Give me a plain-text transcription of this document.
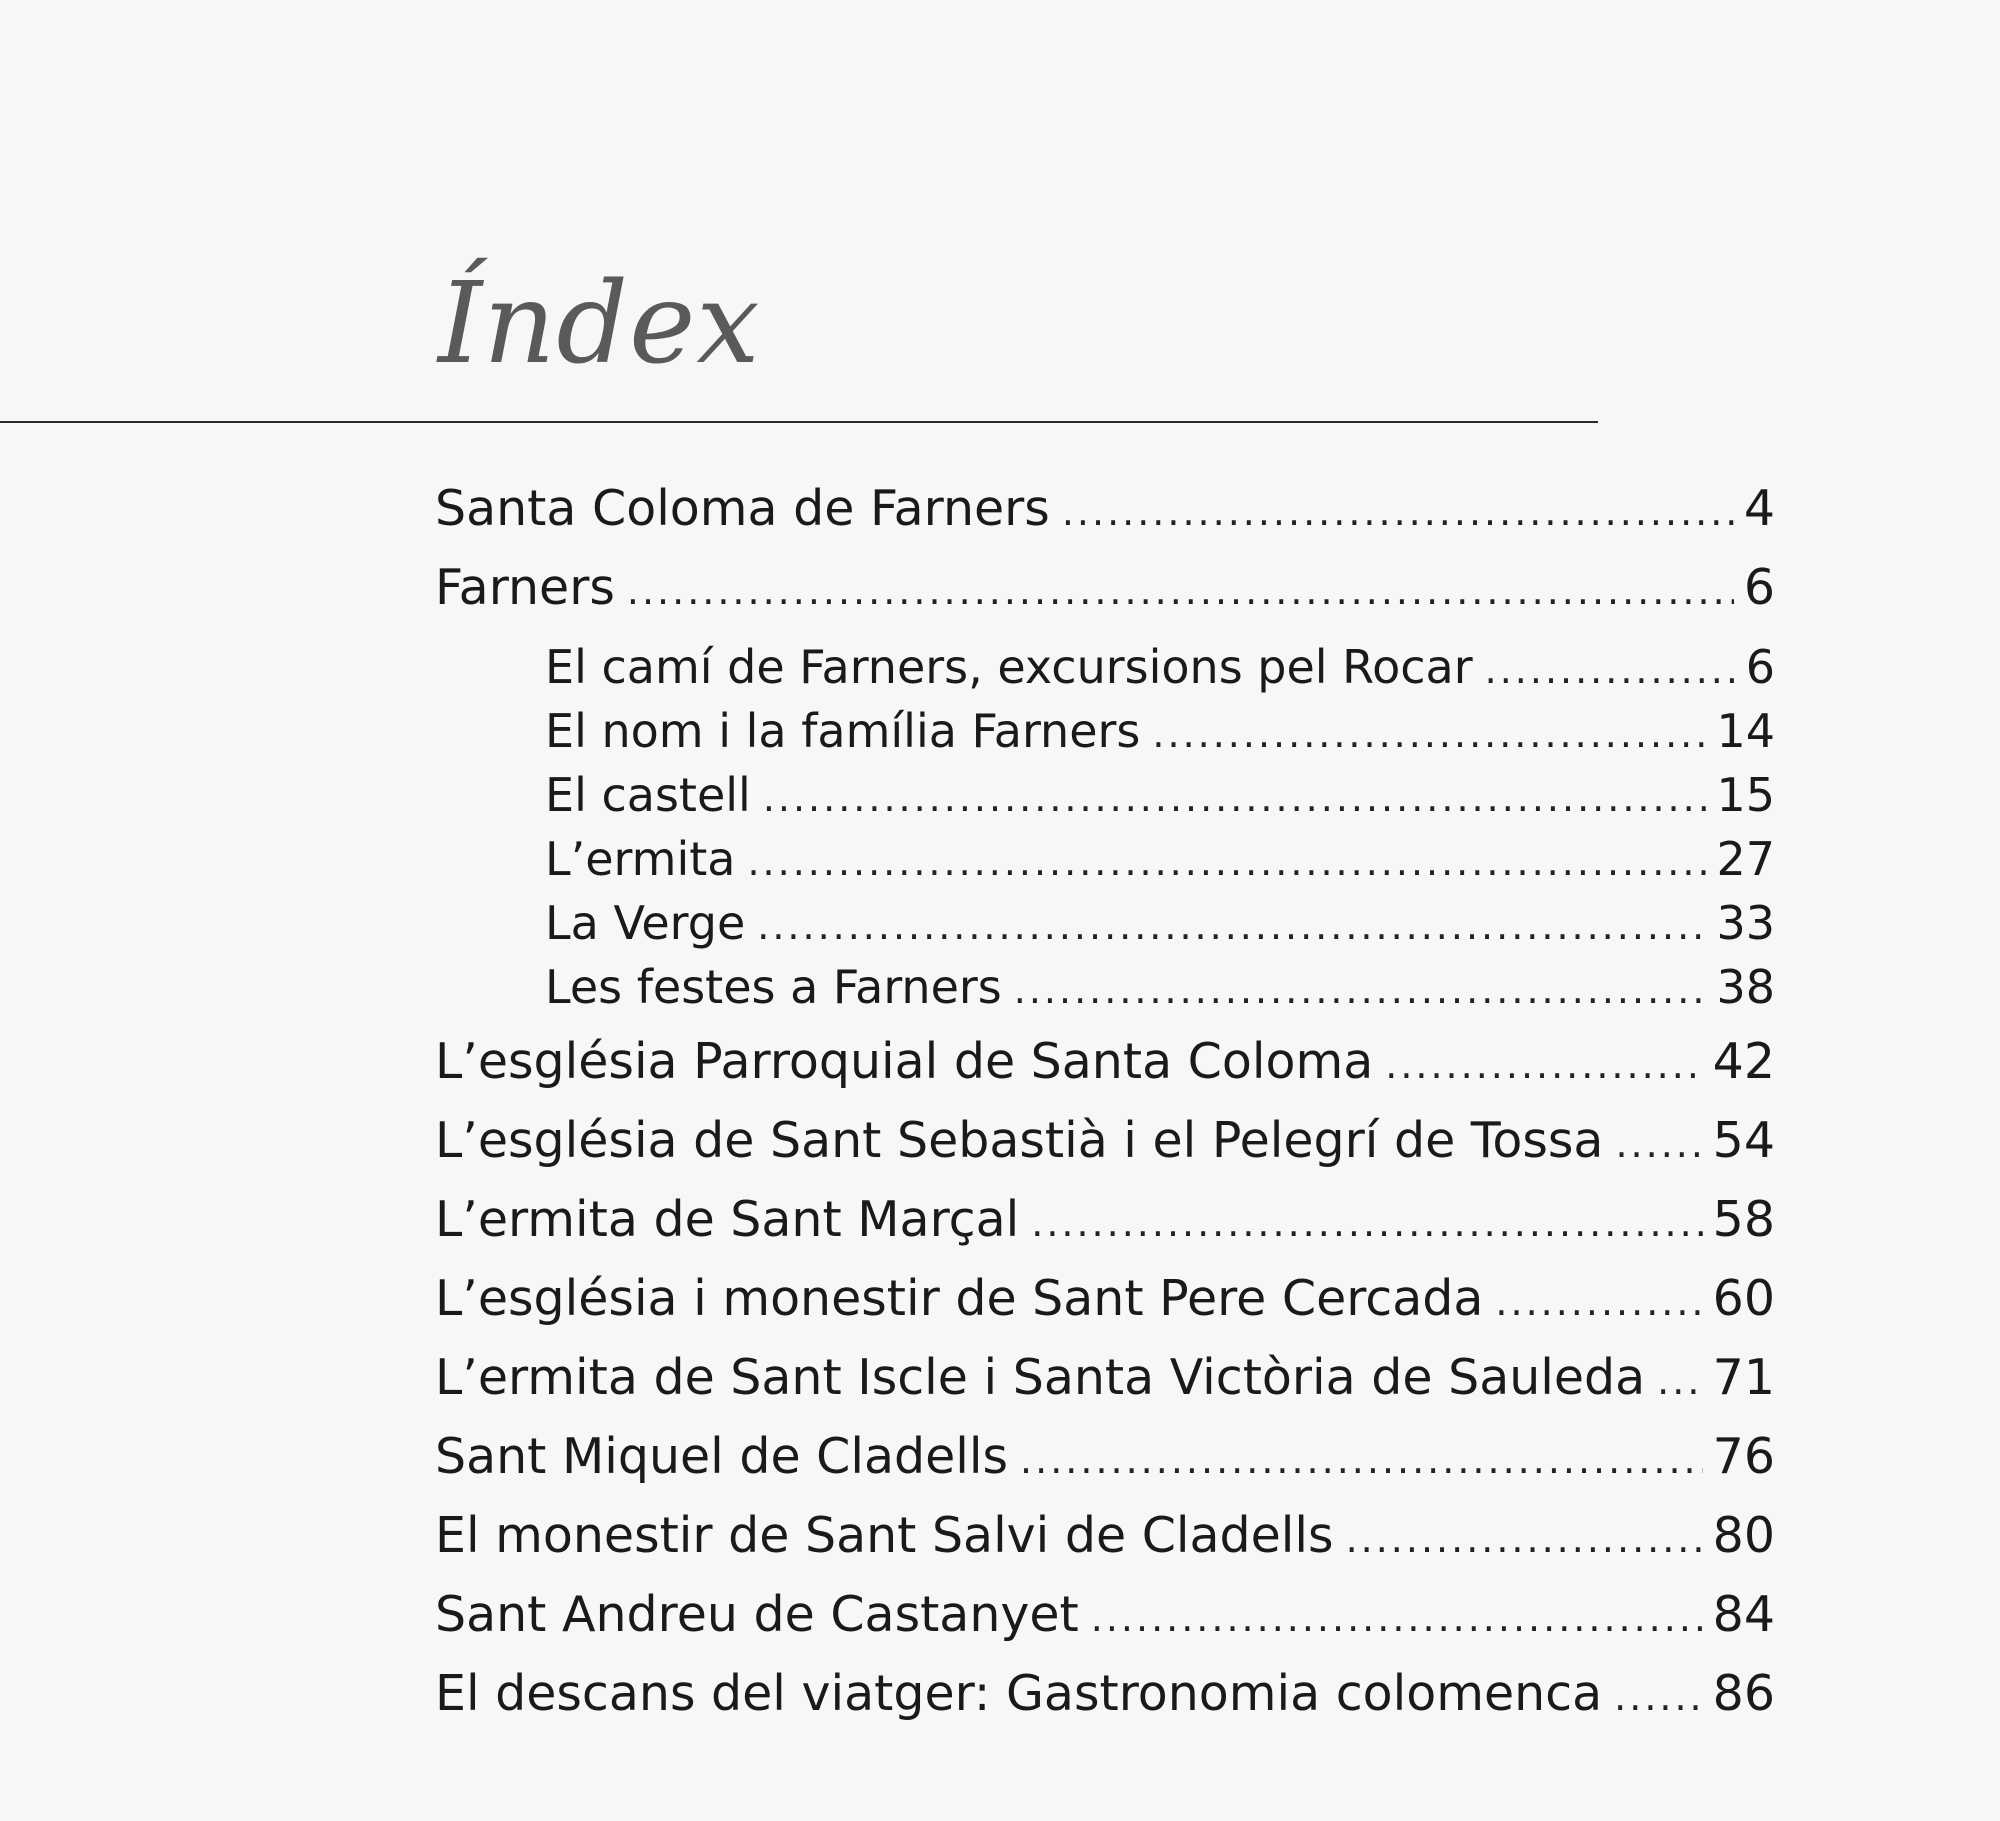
Índex
Santa Coloma de Farners .....	4
Farners .....	6
El camí de Farners, excursions pel Rocar .....	6
El nom i la família Farners .....	14
El castell .....	15
L’ermita .....	27
La Verge .....	33
Les festes a Farners .....	38
L’església Parroquial de Santa Coloma .....	42
L’església de Sant Sebastià i el Pelegrí de Tossa ..... 54
L’ermita de Sant Marçal .....	58
L’església i monestir de Sant Pere Cercada .....	60
L’ermita de Sant Iscle i Santa Victòria de Sauleda ..... 71
Sant Miquel de Cladells .....	76
El monestir de Sant Salvi de Cladells .....	80
Sant Andreu de Castanyet .....	84
El descans del viatger: Gastronomia colomenca ..... 86
